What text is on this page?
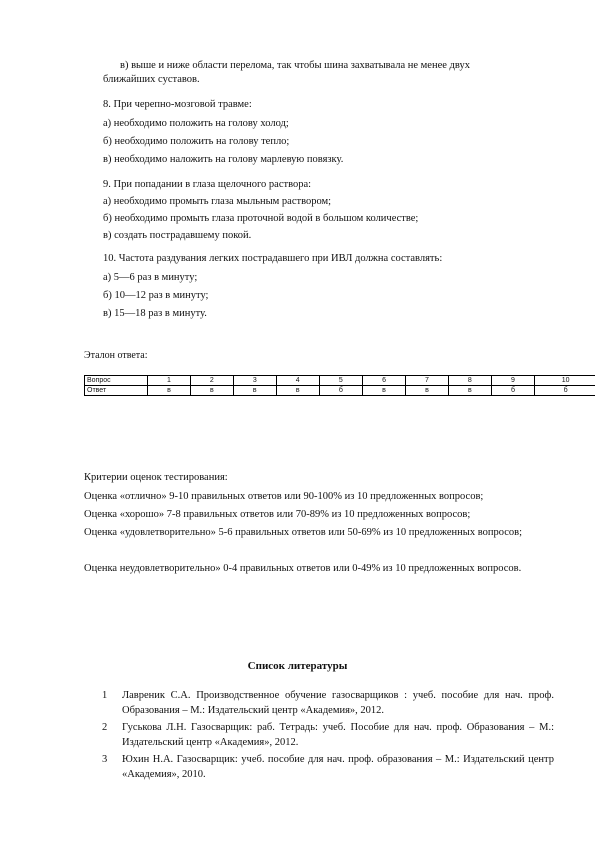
в) выше и ниже области перелома, так чтобы шина захватывала не менее двух
ближайших суставов.
8. При черепно-мозговой травме:
а) необходимо положить на голову холод;
б) необходимо положить на голову тепло;
в) необходимо наложить на голову марлевую повязку.
9. При попадании в глаза щелочного раствора:
а) необходимо промыть глаза мыльным раствором;
б) необходимо промыть глаза проточной водой в большом количестве;
в) создать пострадавшему покой.
10. Частота раздувания легких пострадавшего при ИВЛ должна составлять:
а) 5—6 раз в минуту;
б) 10—12 раз в минуту;
в) 15—18 раз в минуту.
Эталон ответа:
Вопрос	1	2	3	4	5	6	7	8	9	10
Ответ	в	в	в	в	б	в	в	в	б	б
Критерии оценок тестирования:
Оценка «отлично» 9-10 правильных ответов или 90-100% из 10 предложенных вопросов;
Оценка «хорошо» 7-8 правильных ответов или 70-89% из 10 предложенных вопросов;
Оценка «удовлетворительно» 5-6 правильных ответов или 50-69% из 10 предложенных вопросов;
Оценка неудовлетворительно» 0-4 правильных ответов или 0-49% из 10 предложенных вопросов.
Список литературы
1	Лавреник С.А. Производственное обучение газосварщиков : учеб. пособие для нач. проф. Образования – М.: Издательский центр «Академия», 2012.
2	Гуськова Л.Н. Газосварщик: раб. Тетрадь: учеб. Пособие для нач. проф. Образования – М.: Издательский центр «Академия», 2012.
3	Юхин Н.А. Газосварщик: учеб. пособие для нач. проф. образования – М.: Издательский центр «Академия», 2010.
